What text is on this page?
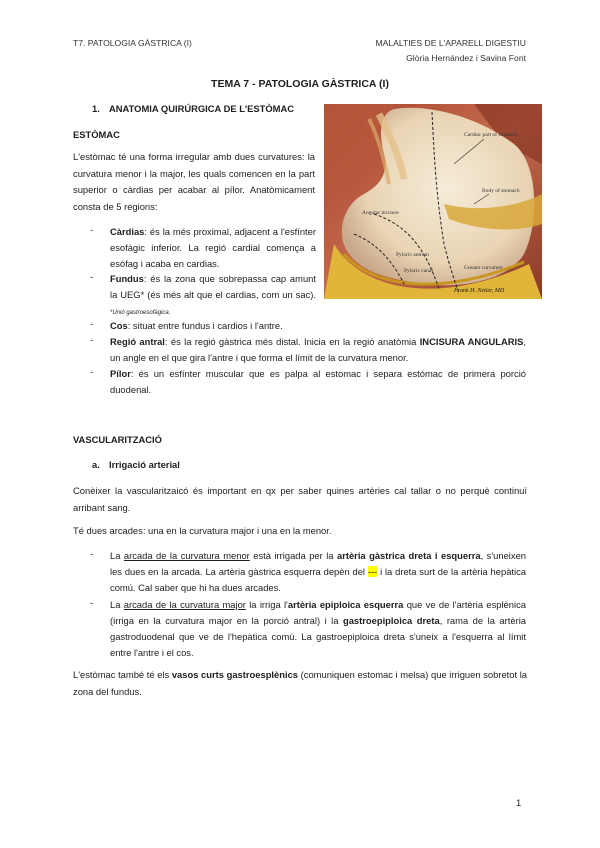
T7. PATOLOGIA GÀSTRICA (I)	MALALTIES DE L'APARELL DIGESTIU
Glòria Hernández i Savina Font
TEMA 7 - PATOLOGIA GÀSTRICA (I)
1. ANATOMIA QUIRÚRGICA DE L'ESTÒMAC
Cardiac part of stomach
Body of stomach
Angular incisure
Pyloric antrum
Pyloric canal	Greater curvature
Frank H. Netter, MD
ESTÒMAC
L'estòmac té una forma irregular amb dues curvatures: la curvatura menor i la major, les quals comencen en la part superior o càrdias per acabar al pílor. Anatòmicament consta de 5 regions:
- Càrdias: és la més proximal, adjacent a l'esfínter esofàgic inferior. La regió cardial comença a esòfag i acaba en cardias.
- Fundus: és la zona que sobrepassa cap amunt la UEG* (és més alt que el cardias, com un sac). *Unió gastroesofàgica.
- Cos: situat entre fundus i cardios i l'antre.
- Regió antral: és la regió gàstrica més distal. Inicia en la regió anatòmia INCISURA ANGULARIS, un angle en el que gira l'antre i que forma el límit de la curvatura menor.
- Pílor: és un esfínter muscular que es palpa al estomac i separa estómac de primera porció duodenal.
VASCULARITZACIÓ
a. Irrigació arterial
Conèixer la vascularitzaicó és important en qx per saber quines artèries cal tallar o no perquè continuï arribant sang.
Té dues arcades: una en la curvatura major i una en la menor.
- La arcada de la curvatura menor està irrigada per la artèria gàstrica dreta i esquerra, s'uneixen les dues en la arcada. La artèria gàstrica esquerra depèn del --- i la dreta surt de la artèria hepàtica comú. Cal saber que hi ha dues arcades.
- La arcada de la curvatura major la irriga l'artèria epiploica esquerra que ve de l'artèria esplènica (irriga en la curvatura major en la porció antral) i la gastroepiploica dreta, rama de la artèria gastroduodenal que ve de l'hepàtica comú. La gastroepiploica dreta s'uneix a l'esquerra al límit entre l'antre i el cos.
L'estòmac també té els vasos curts gastroesplènics (comuniquen estomac i melsa) que irriguen sobretot la zona del fundus.
1
